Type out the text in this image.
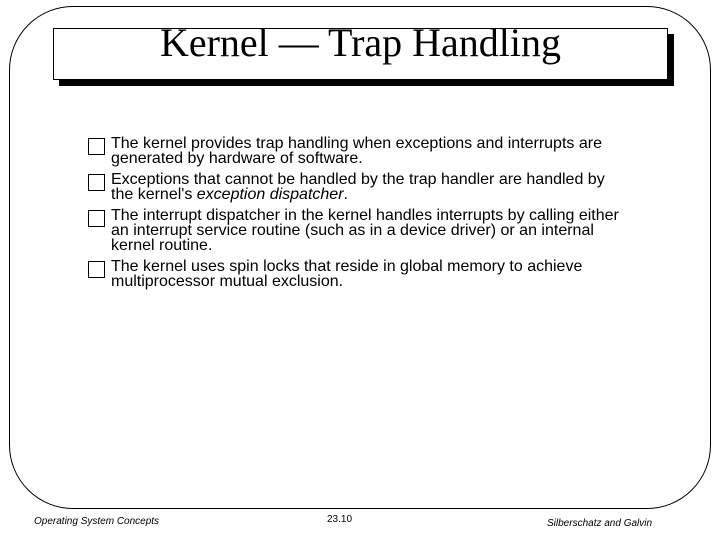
Kernel — Trap Handling
The kernel provides trap handling when exceptions and interrupts are generated by hardware of software.
Exceptions that cannot be handled by the trap handler are handled by the kernel's exception dispatcher.
The interrupt dispatcher in the kernel handles interrupts by calling either an interrupt service routine (such as in a device driver) or an internal kernel routine.
The kernel uses spin locks that reside in global memory to achieve multiprocessor mutual exclusion.
Operating System Concepts	23.10	Silberschatz and Galvin
